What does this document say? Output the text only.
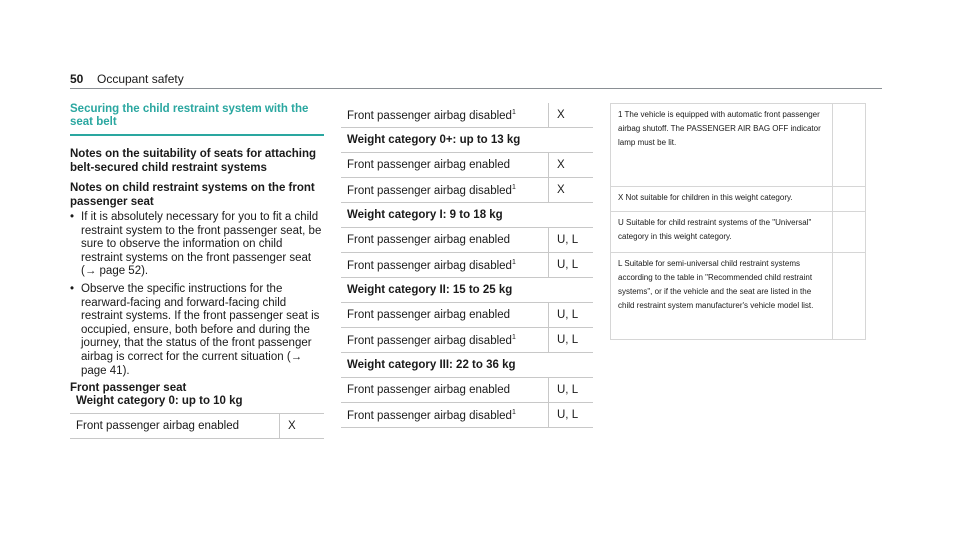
50 Occupant safety
Securing the child restraint system with the seat belt
Notes on the suitability of seats for attaching belt-secured child restraint systems
Notes on child restraint systems on the front passenger seat
• If it is absolutely necessary for you to fit a child restraint system to the front passenger seat, be sure to observe the information on child restraint systems on the front passenger seat (→ page 52).
• Observe the specific instructions for the rearward-facing and forward-facing child restraint systems. If the front passenger seat is occupied, ensure, both before and during the journey, that the status of the front passenger airbag is correct for the current situation (→ page 41).
Front passenger seat
Weight category 0: up to 10 kg
Front passenger airbag enabled	X
Front passenger airbag disabled$^1$	X
Weight category 0+: up to 13 kg	
Front passenger airbag enabled	X
Front passenger airbag disabled$^1$	X
Weight category I: 9 to 18 kg	
Front passenger airbag enabled	U, L
Front passenger airbag disabled$^1$	U, L
Weight category II: 15 to 25 kg	
Front passenger airbag enabled	U, L
Front passenger airbag disabled$^1$	U, L
Weight category III: 22 to 36 kg	
Front passenger airbag enabled	U, L
Front passenger airbag disabled$^1$	U, L
1 The vehicle is equipped with automatic front passenger airbag shutoff. The PASSENGER AIR BAG OFF indicator lamp must be lit.
X Not suitable for children in this weight category.
U Suitable for child restraint systems of the "Universal" category in this weight category.
L Suitable for semi-universal child restraint systems according to the table in "Recommended child restraint systems", or if the vehicle and the seat are listed in the child restraint system manufacturer's vehicle model list.
